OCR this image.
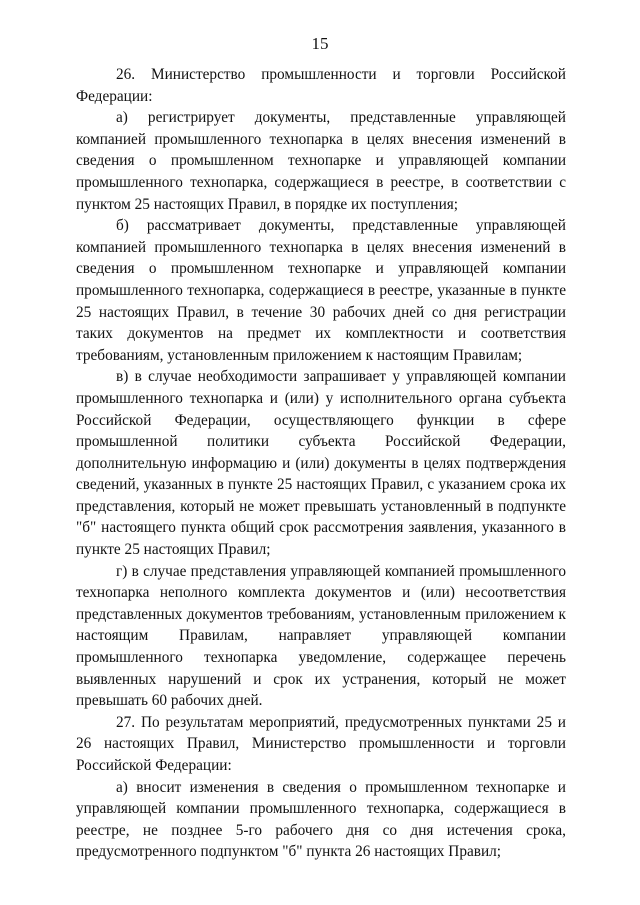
15

26. Министерство промышленности и торговли Российской Федерации:

а) регистрирует документы, представленные управляющей компанией промышленного технопарка в целях внесения изменений в сведения о промышленном технопарке и управляющей компании промышленного технопарка, содержащиеся в реестре, в соответствии с пунктом 25 настоящих Правил, в порядке их поступления;

б) рассматривает документы, представленные управляющей компанией промышленного технопарка в целях внесения изменений в сведения о промышленном технопарке и управляющей компании промышленного технопарка, содержащиеся в реестре, указанные в пункте 25 настоящих Правил, в течение 30 рабочих дней со дня регистрации таких документов на предмет их комплектности и соответствия требованиям, установленным приложением к настоящим Правилам;

в) в случае необходимости запрашивает у управляющей компании промышленного технопарка и (или) у исполнительного органа субъекта Российской Федерации, осуществляющего функции в сфере промышленной политики субъекта Российской Федерации, дополнительную информацию и (или) документы в целях подтверждения сведений, указанных в пункте 25 настоящих Правил, с указанием срока их представления, который не может превышать установленный в подпункте "б" настоящего пункта общий срок рассмотрения заявления, указанного в пункте 25 настоящих Правил;

г) в случае представления управляющей компанией промышленного технопарка неполного комплекта документов и (или) несоответствия представленных документов требованиям, установленным приложением к настоящим Правилам, направляет управляющей компании промышленного технопарка уведомление, содержащее перечень выявленных нарушений и срок их устранения, который не может превышать 60 рабочих дней.

27. По результатам мероприятий, предусмотренных пунктами 25 и 26 настоящих Правил, Министерство промышленности и торговли Российской Федерации:

а) вносит изменения в сведения о промышленном технопарке и управляющей компании промышленного технопарка, содержащиеся в реестре, не позднее 5-го рабочего дня со дня истечения срока, предусмотренного подпунктом "б" пункта 26 настоящих Правил;
